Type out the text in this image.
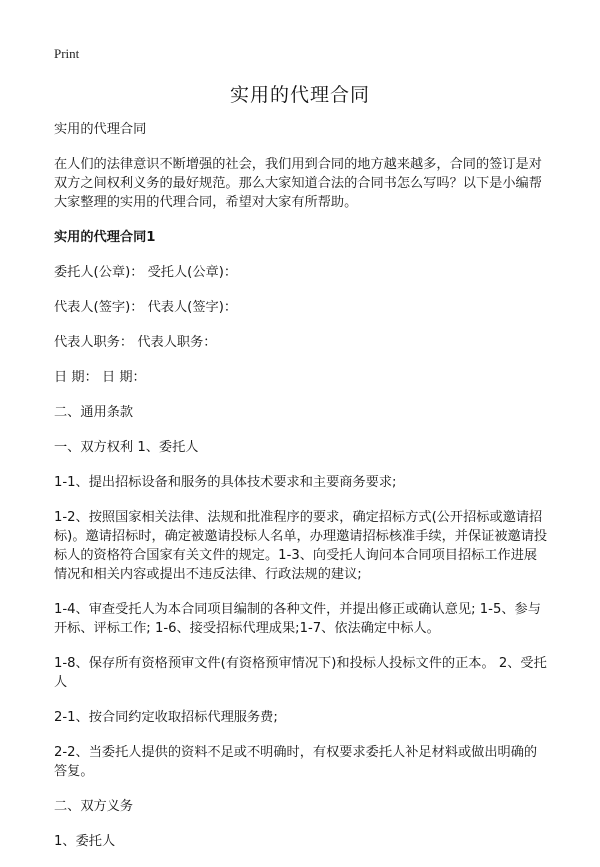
Print
实用的代理合同

实用的代理合同

在人们的法律意识不断增强的社会，我们用到合同的地方越来越多，合同的签订是对双方之间权利义务的最好规范。那么大家知道合法的合同书怎么写吗？以下是小编帮大家整理的实用的代理合同，希望对大家有所帮助。

实用的代理合同1

委托人(公章)： 受托人(公章)：

代表人(签字)： 代表人(签字)：

代表人职务： 代表人职务：

日 期： 日 期：

二、通用条款

一、双方权利 1、委托人

1-1、提出招标设备和服务的具体技术要求和主要商务要求;

1-2、按照国家相关法律、法规和批准程序的要求，确定招标方式(公开招标或邀请招标)。邀请招标时，确定被邀请投标人名单，办理邀请招标核准手续，并保证被邀请投标人的资格符合国家有关文件的规定。1-3、向受托人询问本合同项目招标工作进展情况和相关内容或提出不违反法律、行政法规的建议;

1-4、审查受托人为本合同项目编制的各种文件，并提出修正或确认意见; 1-5、参与开标、评标工作; 1-6、接受招标代理成果;1-7、依法确定中标人。

1-8、保存所有资格预审文件(有资格预审情况下)和投标人投标文件的正本。 2、受托人

2-1、按合同约定收取招标代理服务费;

2-2、当委托人提供的资料不足或不明确时，有权要求委托人补足材料或做出明确的答复。

二、双方义务

1、委托人
